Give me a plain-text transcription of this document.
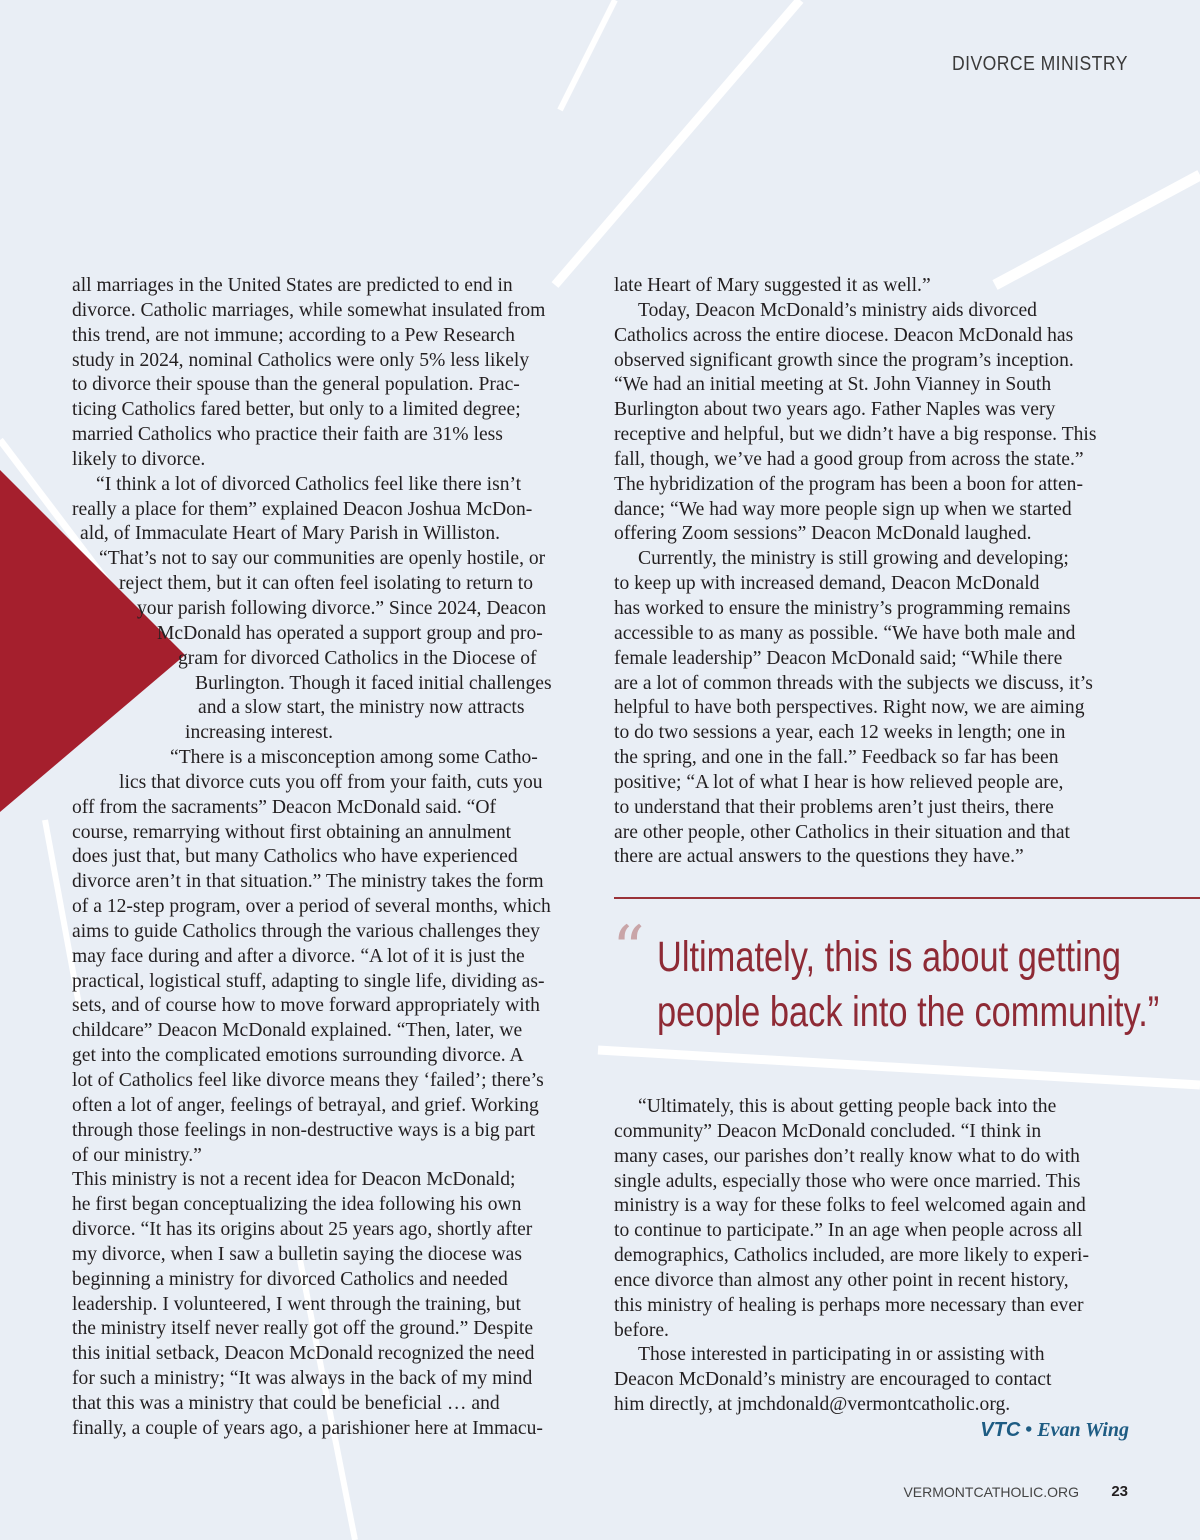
DIVORCE MINISTRY
all marriages in the United States are predicted to end in
divorce. Catholic marriages, while somewhat insulated from
this trend, are not immune; according to a Pew Research
study in 2024, nominal Catholics were only 5% less likely
to divorce their spouse than the general population. Prac-
ticing Catholics fared better, but only to a limited degree;
married Catholics who practice their faith are 31% less
likely to divorce.
“I think a lot of divorced Catholics feel like there isn’t
really a place for them” explained Deacon Joshua McDon-
ald, of Immaculate Heart of Mary Parish in Williston.
“That’s not to say our communities are openly hostile, or
reject them, but it can often feel isolating to return to
your parish following divorce.” Since 2024, Deacon
McDonald has operated a support group and pro-
gram for divorced Catholics in the Diocese of
Burlington. Though it faced initial challenges
and a slow start, the ministry now attracts
increasing interest.
“There is a misconception among some Catho-
lics that divorce cuts you off from your faith, cuts you
off from the sacraments” Deacon McDonald said. “Of
course, remarrying without first obtaining an annulment
does just that, but many Catholics who have experienced
divorce aren’t in that situation.” The ministry takes the form
of a 12-step program, over a period of several months, which
aims to guide Catholics through the various challenges they
may face during and after a divorce. “A lot of it is just the
practical, logistical stuff, adapting to single life, dividing as-
sets, and of course how to move forward appropriately with
childcare” Deacon McDonald explained. “Then, later, we
get into the complicated emotions surrounding divorce. A
lot of Catholics feel like divorce means they ‘failed’; there’s
often a lot of anger, feelings of betrayal, and grief. Working
through those feelings in non-destructive ways is a big part
of our ministry.”
This ministry is not a recent idea for Deacon McDonald;
he first began conceptualizing the idea following his own
divorce. “It has its origins about 25 years ago, shortly after
my divorce, when I saw a bulletin saying the diocese was
beginning a ministry for divorced Catholics and needed
leadership. I volunteered, I went through the training, but
the ministry itself never really got off the ground.” Despite
this initial setback, Deacon McDonald recognized the need
for such a ministry; “It was always in the back of my mind
that this was a ministry that could be beneficial … and
finally, a couple of years ago, a parishioner here at Immacu-
late Heart of Mary suggested it as well.”
Today, Deacon McDonald’s ministry aids divorced
Catholics across the entire diocese. Deacon McDonald has
observed significant growth since the program’s inception.
“We had an initial meeting at St. John Vianney in South
Burlington about two years ago. Father Naples was very
receptive and helpful, but we didn’t have a big response. This
fall, though, we’ve had a good group from across the state.”
The hybridization of the program has been a boon for atten-
dance; “We had way more people sign up when we started
offering Zoom sessions” Deacon McDonald laughed.
Currently, the ministry is still growing and developing;
to keep up with increased demand, Deacon McDonald
has worked to ensure the ministry’s programming remains
accessible to as many as possible. “We have both male and
female leadership” Deacon McDonald said; “While there
are a lot of common threads with the subjects we discuss, it’s
helpful to have both perspectives. Right now, we are aiming
to do two sessions a year, each 12 weeks in length; one in
the spring, and one in the fall.” Feedback so far has been
positive; “A lot of what I hear is how relieved people are,
to understand that their problems aren’t just theirs, there
are other people, other Catholics in their situation and that
there are actual answers to the questions they have.”
“ Ultimately, this is about getting
people back into the community.”
“Ultimately, this is about getting people back into the
community” Deacon McDonald concluded. “I think in
many cases, our parishes don’t really know what to do with
single adults, especially those who were once married. This
ministry is a way for these folks to feel welcomed again and
to continue to participate.” In an age when people across all
demographics, Catholics included, are more likely to experi-
ence divorce than almost any other point in recent history,
this ministry of healing is perhaps more necessary than ever
before.
Those interested in participating in or assisting with
Deacon McDonald’s ministry are encouraged to contact
him directly, at jmchdonald@vermontcatholic.org.
VTC • Evan Wing
VERMONTCATHOLIC.ORG 23
